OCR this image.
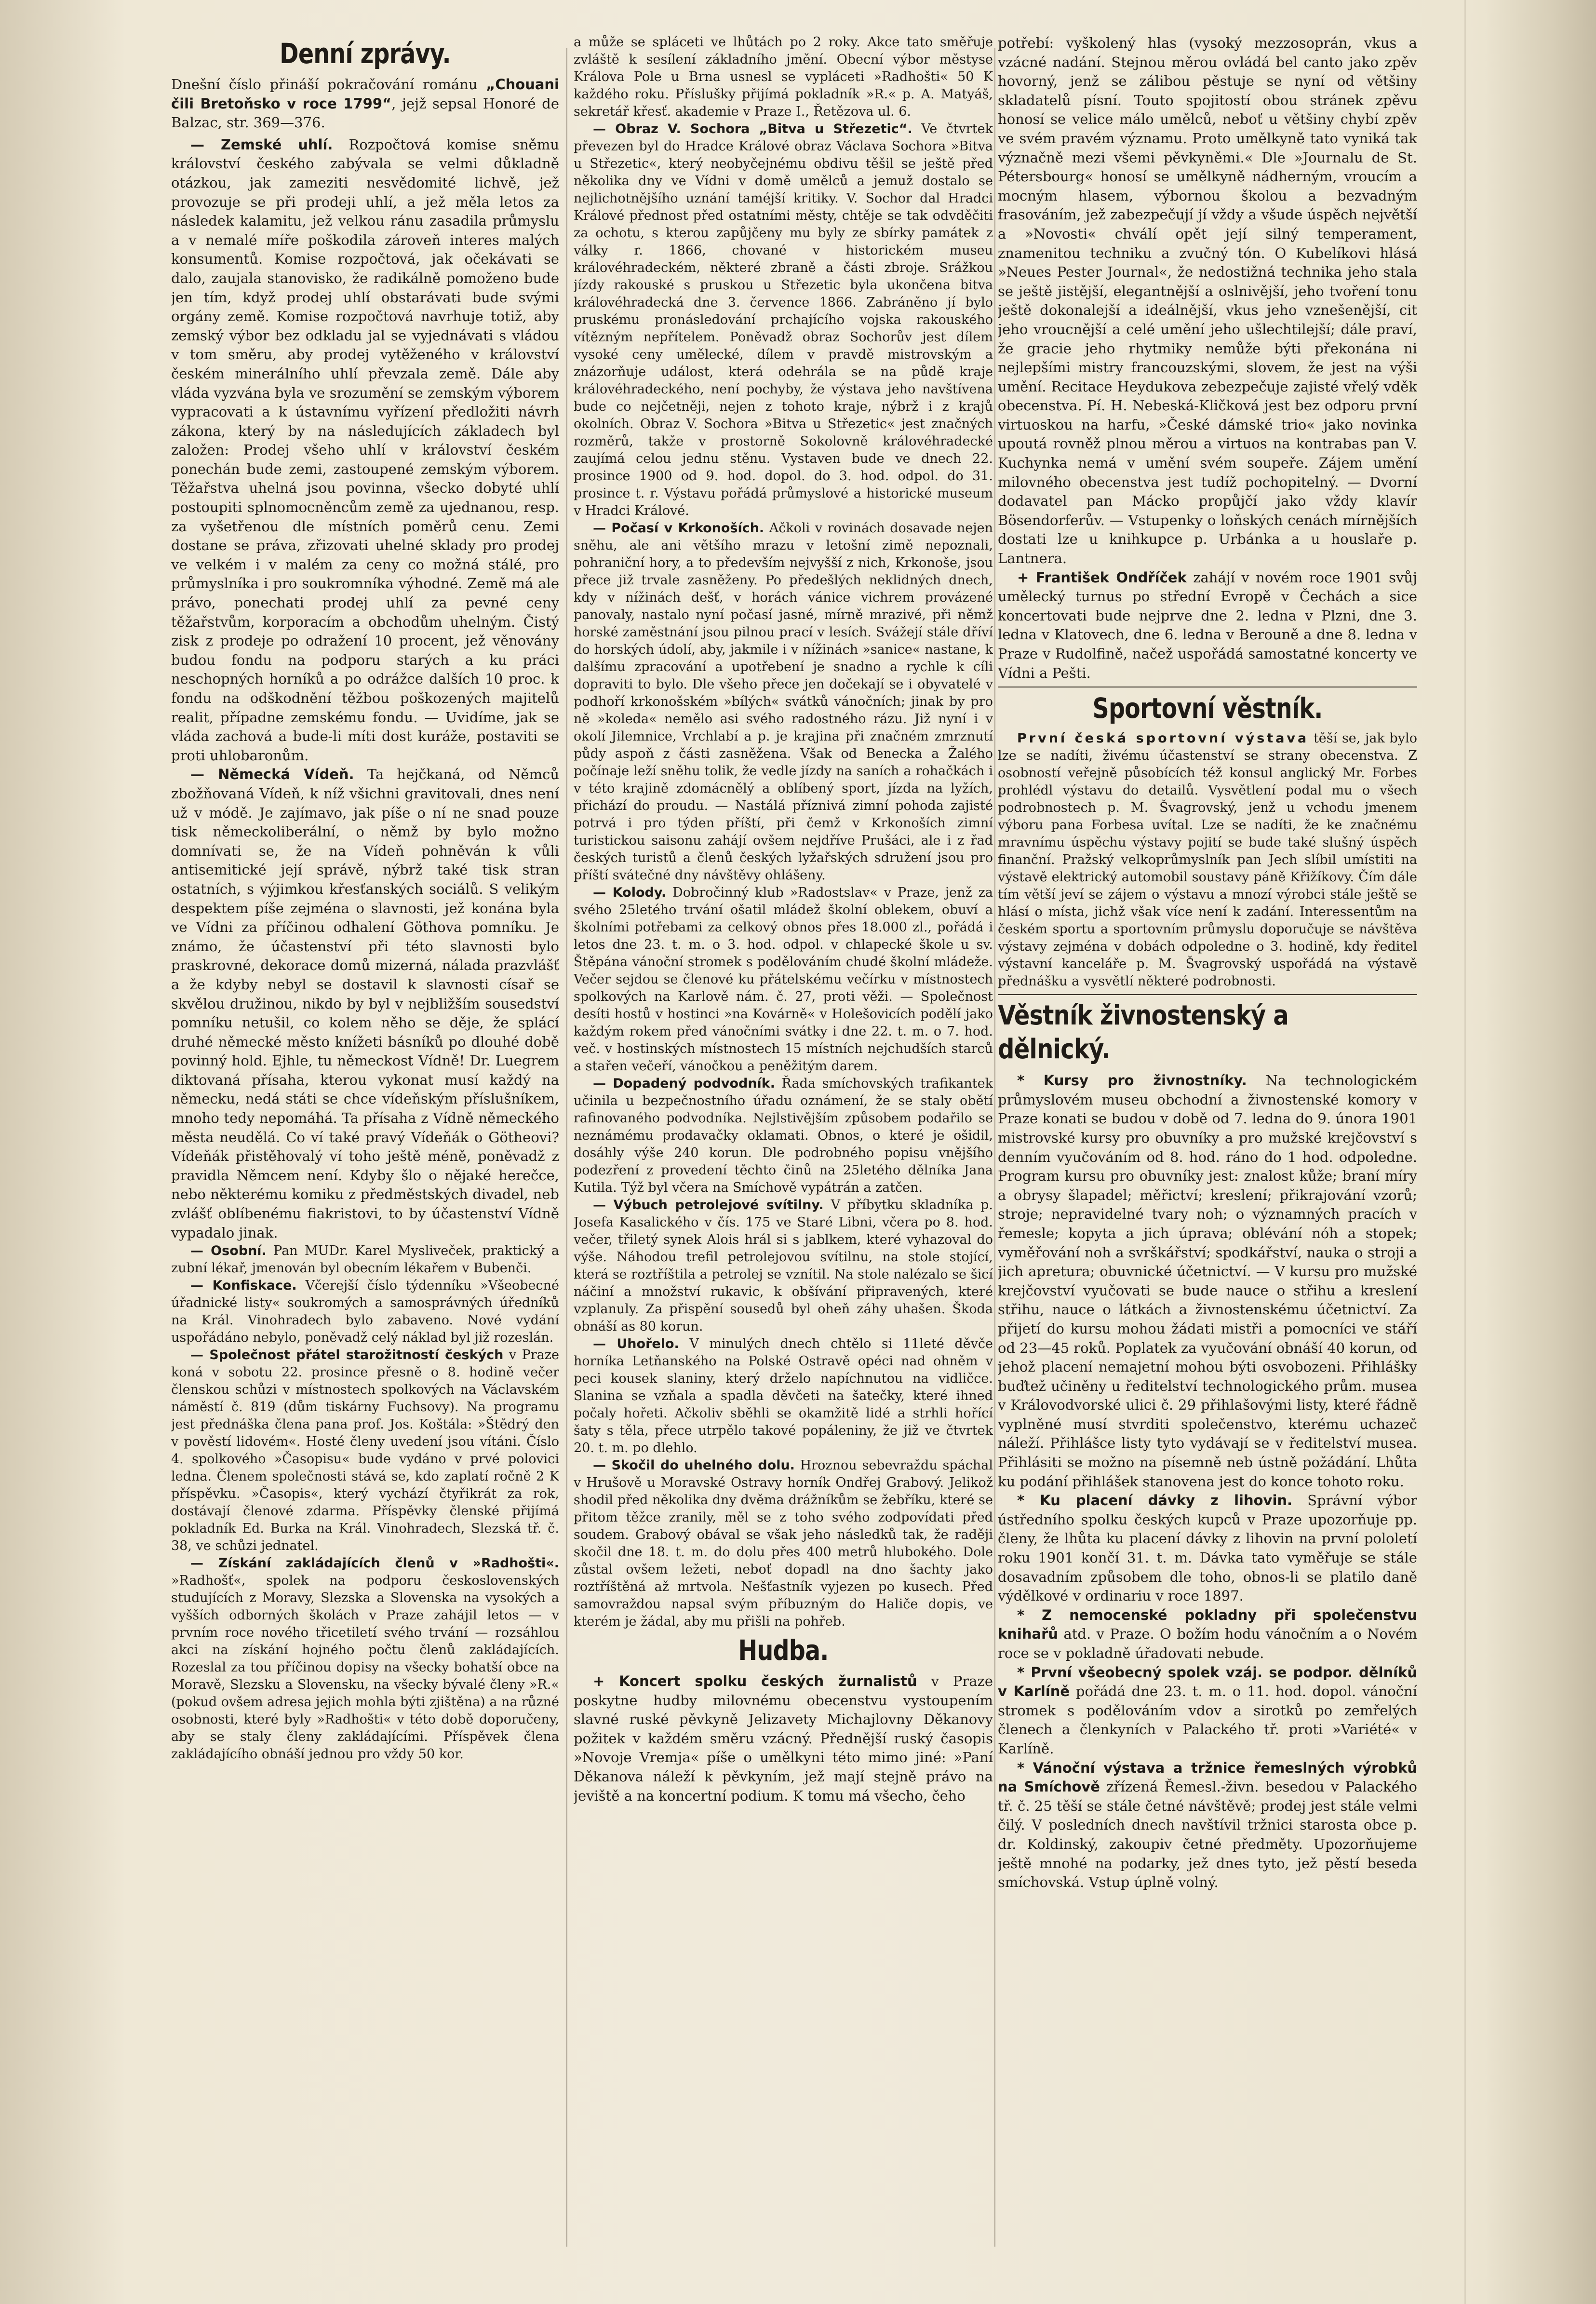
Denní zprávy.
Dnešní číslo přináší pokračování románu „Chouani čili Bretoňsko v roce 1799“, jejž sepsal Honoré de Balzac, str. 369—376.

— Zemské uhlí. Rozpočtová komise sněmu království českého zabývala se velmi důkladně otázkou, jak zameziti nesvědomité lichvě, jež provozuje se při prodeji uhlí, a jež měla letos za následek kalamitu, jež velkou ránu zasadila průmyslu a v nemalé míře poškodila zároveň interes malých konsumentů. Komise rozpočtová, jak očekávati se dalo, zaujala stanovisko, že radikálně pomoženo bude jen tím, když prodej uhlí obstarávati bude svými orgány země. Komise rozpočtová navrhuje totiž, aby zemský výbor bez odkladu jal se vyjednávati s vládou v tom směru, aby prodej vytěženého v království českém minerálního uhlí převzala země. Dále aby vláda vyzvána byla ve srozumění se zemským výborem vypracovati a k ústavnímu vyřízení předložiti návrh zákona, který by na následujících základech byl založen: Prodej všeho uhlí v království českém ponechán bude zemi, zastoupené zemským výborem. Těžařstva uhelná jsou povinna, všecko dobyté uhlí postoupiti splnomocněncům země za ujednanou, resp. za vyšetřenou dle místních poměrů cenu. Zemi dostane se práva, zřizovati uhelné sklady pro prodej ve velkém i v malém za ceny co možná stálé, pro průmyslníka i pro soukromníka výhodné. Země má ale právo, ponechati prodej uhlí za pevné ceny těžařstvům, korporacím a obchodům uhelným. Čistý zisk z prodeje po odražení 10 procent, jež věnovány budou fondu na podporu starých a ku práci neschopných horníků a po odrážce dalších 10 proc. k fondu na odškodnění těžbou poškozených majitelů realit, případne zemskému fondu. — Uvidíme, jak se vláda zachová a bude-li míti dost kuráže, postaviti se proti uhlobaronům.

— Německá Vídeň. Ta hejčkaná, od Němců zbožňovaná Vídeň, k níž všichni gravitovali, dnes není už v módě. Je zajímavo, jak píše o ní ne snad pouze tisk německoliberální, o němž by bylo možno domnívati se, že na Vídeň pohněván k vůli antisemitické její správě, nýbrž také tisk stran ostatních, s výjimkou křesťanských sociálů. S velikým despektem píše zejména o slavnosti, jež konána byla ve Vídni za příčinou odhalení Göthova pomníku. Je známo, že účastenství při této slavnosti bylo praskrovné, dekorace domů mizerná, nálada prazvlášť a že kdyby nebyl se dostavil k slavnosti císař se skvělou družinou, nikdo by byl v nejbližším sousedství pomníku netušil, co kolem něho se děje, že splácí druhé německé město knížeti básníků po dlouhé době povinný hold. Ejhle, tu německost Vídně! Dr. Luegrem diktovaná přísaha, kterou vykonat musí každý na německu, nedá státi se chce vídeňským příslušníkem, mnoho tedy nepomáhá. Ta přísaha z Vídně německého města neudělá. Co ví také pravý Vídeňák o Götheovi? Vídeňák přistěhovalý ví toho ještě méně, poněvadž z pravidla Němcem není. Kdyby šlo o nějaké herečce, nebo některému komiku z předměstských divadel, neb zvlášť oblíbenému fiakristovi, to by účastenství Vídně vypadalo jinak.

— Osobní. Pan MUDr. Karel Mysliveček, praktický a zubní lékař, jmenován byl obecním lékařem v Bubenči.

— Konfiskace. Včerejší číslo týdenníku »Všeobecné úřadnické listy« soukromých a samosprávných úředníků na Král. Vinohradech bylo zabaveno. Nové vydání uspořádáno nebylo, poněvadž celý náklad byl již rozeslán.

— Společnost přátel starožitností českých v Praze koná v sobotu 22. prosince přesně o 8. hodině večer členskou schůzi v místnostech spolkových na Václavském náměstí č. 819 (dům tiskárny Fuchsovy). Na programu jest přednáška člena pana prof. Jos. Koštála: »Štědrý den v pověstí lidovém«. Hosté členy uvedení jsou vítáni. Číslo 4. spolkového »Časopisu« bude vydáno v prvé polovici ledna. Členem společnosti stává se, kdo zaplatí ročně 2 K příspěvku. »Časopis«, který vychází čtyřikrát za rok, dostávají členové zdarma. Příspěvky členské přijímá pokladník Ed. Burka na Král. Vinohradech, Slezská tř. č. 38, ve schůzi jednatel.

— Získání zakládajících členů v »Radhošti«. »Radhošť«, spolek na podporu československých studujících z Moravy, Slezska a Slovenska na vysokých a vyšších odborných školách v Praze zahájil letos — v prvním roce nového třicetiletí svého trvání — rozsáhlou akci na získání hojného počtu členů zakládajících. Rozeslal za tou příčinou dopisy na všecky bohatší obce na Moravě, Slezsku a Slovensku, na všecky bývalé členy »R.« (pokud ovšem adresa jejich mohla býti zjištěna) a na různé osobnosti, které byly »Radhošti« v této době doporučeny, aby se staly členy zakládajícími. Příspěvek člena zakládajícího obnáší jednou pro vždy 50 kor.

a může se spláceti ve lhůtách po 2 roky. Akce tato směřuje zvláště k sesílení základního jmění. Obecní výbor městyse Králova Pole u Brna usnesl se vypláceti »Radhošti« 50 K každého roku. Příslušky přijímá pokladník »R.« p. A. Matyáš, sekretář křesť. akademie v Praze I., Řetězova ul. 6.

— Obraz V. Sochora „Bitva u Střezetic“. Ve čtvrtek převezen byl do Hradce Králové obraz Václava Sochora »Bitva u Střezetic«, který neobyčejnému obdivu těšil se ještě před několika dny ve Vídni v domě umělců a jemuž dostalo se nejlichotnějšího uznání taméjší kritiky. V. Sochor dal Hradci Králové přednost před ostatními městy, chtěje se tak odvděčiti za ochotu, s kterou zapůjčeny mu byly ze sbírky památek z války r. 1866, chované v historickém museu královéhradeckém, některé zbraně a části zbroje. Srážkou jízdy rakouské s pruskou u Střezetic byla ukončena bitva královéhradecká dne 3. července 1866. Zabráněno jí bylo pruskému pronásledování prchajícího vojska rakouského vítězným nepřítelem. Poněvadž obraz Sochorův jest dílem vysoké ceny umělecké, dílem v pravdě mistrovským a znázorňuje událost, která odehrála se na půdě kraje královéhradeckého, není pochyby, že výstava jeho navštívena bude co nejčetněji, nejen z tohoto kraje, nýbrž i z krajů okolních. Obraz V. Sochora »Bitva u Střezetic« jest značných rozměrů, takže v prostorně Sokolovně královéhradecké zaujímá celou jednu stěnu. Vystaven bude ve dnech 22. prosince 1900 od 9. hod. dopol. do 3. hod. odpol. do 31. prosince t. r. Výstavu pořádá průmyslové a historické museum v Hradci Králové.

— Počasí v Krkonoších. Ačkoli v rovinách dosavade nejen sněhu, ale ani většího mrazu v letošní zimě nepoznali, pohraniční hory, a to především nejvyšší z nich, Krkonoše, jsou přece již trvale zasněženy. Po předešlých neklidných dnech, kdy v nížinách dešť, v horách vánice vichrem provázené panovaly, nastalo nyní počasí jasné, mírně mrazivé, při němž horské zaměstnání jsou pilnou prací v lesích. Svážejí stále dříví do horských údolí, aby, jakmile i v nížinách »sanice« nastane, k dalšímu zpracování a upotřebení je snadno a rychle k cíli dopraviti to bylo. Dle všeho přece jen dočekají se i obyvatelé v podhoří krkonošském »bílých« svátků vánočních; jinak by pro ně »koleda« nemělo asi svého radostného rázu. Již nyní i v okolí Jilemnice, Vrchlabí a p. je krajina při značném zmrznutí půdy aspoň z části zasněžena. Však od Benecka a Žalého počínaje leží sněhu tolik, že vedle jízdy na saních a rohačkách i v této krajině zdomácnělý a oblíbený sport, jízda na lyžích, přichází do proudu. — Nastálá příznivá zimní pohoda zajisté potrvá i pro týden příští, při čemž v Krkonoších zimní turistickou saisonu zahájí ovšem nejdříve Prušáci, ale i z řad českých turistů a členů českých lyžařských sdružení jsou pro příští svátečné dny návštěvy ohlášeny.

— Kolody. Dobročinný klub »Radostslav« v Praze, jenž za svého 25letého trvání ošatil mládež školní oblekem, obuví a školními potřebami za celkový obnos přes 18.000 zl., pořádá i letos dne 23. t. m. o 3. hod. odpol. v chlapecké škole u sv. Štěpána vánoční stromek s podělováním chudé školní mládeže. Večer sejdou se členové ku přátelskému večírku v místnostech spolkových na Karlově nám. č. 27, proti věži. — Společnost desíti hostů v hostinci »na Kovárně« v Holešovicích podělí jako každým rokem před vánočními svátky i dne 22. t. m. o 7. hod. več. v hostinských místnostech 15 místních nejchudších starců a stařen večeří, vánočkou a peněžitým darem.

— Dopadený podvodník. Řada smíchovských trafikantek učinila u bezpečnostního úřadu oznámení, že se staly obětí rafinovaného podvodníka. Nejlstivějším způsobem podařilo se neznámému prodavačky oklamati. Obnos, o které je ošidil, dosáhly výše 240 korun. Dle podrobného popisu vnějšího podezření z provedení těchto činů na 25letého dělníka Jana Kutila. Týž byl včera na Smíchově vypátrán a zatčen.

— Výbuch petrolejové svítilny. V příbytku skladníka p. Josefa Kasalického v čís. 175 ve Staré Libni, včera po 8. hod. večer, třiletý synek Alois hrál si s jablkem, které vyhazoval do výše. Náhodou trefil petrolejovou svítilnu, na stole stojící, která se roztříštila a petrolej se vznítil. Na stole nalézalo se šicí náčiní a množství rukavic, k obšívání připravených, které vzplanuly. Za přispění sousedů byl oheň záhy uhašen. Škoda obnáší as 80 korun.

— Uhořelo. V minulých dnech chtělo si 11leté děvče horníka Letňanského na Polské Ostravě opéci nad ohněm v peci kousek slaniny, který drželo napíchnutou na vidličce. Slanina se vzňala a spadla děvčeti na šatečky, které ihned počaly hořeti. Ačkoliv sběhli se okamžitě lidé a strhli hořící šaty s těla, přece utrpělo takové popáleniny, že již ve čtvrtek 20. t. m. po dlehlo.

— Skočil do uhelného dolu. Hroznou sebevraždu spáchal v Hrušově u Moravské Ostravy horník Ondřej Grabový. Jelikož shodil před několika dny dvěma drážníkům se žebříku, které se přitom těžce zranily, měl se z toho svého zodpovídati před soudem. Grabový obával se však jeho následků tak, že raději skočil dne 18. t. m. do dolu přes 400 metrů hlubokého. Dole zůstal ovšem ležeti, neboť dopadl na dno šachty jako roztříštěná až mrtvola. Nešťastník vyjezen po kusech. Před samovraždou napsal svým příbuzným do Haliče dopis, ve kterém je žádal, aby mu přišli na pohřeb.

Hudba.

+ Koncert spolku českých žurnalistů v Praze poskytne hudby milovnému obecenstvu vystoupením slavné ruské pěvkyně Jelizavety Michajlovny Děkanovy požitek v každém směru vzácný. Přednější ruský časopis »Novoje Vremja« píše o umělkyni této mimo jiné: »Paní Děkanova náleží k pěvkyním, jež mají stejně právo na jeviště a na koncertní podium. K tomu má všecho, čeho

potřebí: vyškolený hlas (vysoký mezzosoprán, vkus a vzácné nadání. Stejnou měrou ovládá bel canto jako zpěv hovorný, jenž se zálibou pěstuje se nyní od většiny skladatelů písní. Touto spojitostí obou stránek zpěvu honosí se velice málo umělců, neboť u většiny chybí zpěv ve svém pravém významu. Proto umělkyně tato vyniká tak význačně mezi všemi pěvkyněmi.« Dle »Journalu de St. Pétersbourg« honosí se umělkyně nádherným, vroucím a mocným hlasem, výbornou školou a bezvadným frasováním, jež zabezpečují jí vždy a všude úspěch největší a »Novosti« chválí opět její silný temperament, znamenitou techniku a zvučný tón. O Kubelíkovi hlásá »Neues Pester Journal«, že nedostižná technika jeho stala se ještě jistější, elegantnější a oslnivější, jeho tvoření tonu ještě dokonalejší a ideálnější, vkus jeho vznešenější, cit jeho vroucnější a celé umění jeho ušlechtilejší; dále praví, že gracie jeho rhytmiky nemůže býti překonána ni nejlepšími mistry francouzskými, slovem, že jest na výši umění. Recitace Heydukova zebezpečuje zajisté vřelý vděk obecenstva. Pí. H. Nebeská-Kličková jest bez odporu první virtuoskou na harfu, »České dámské trio« jako novinka upoutá rovněž plnou měrou a virtuos na kontrabas pan V. Kuchynka nemá v umění svém soupeře. Zájem umění milovného obecenstva jest tudíž pochopitelný. — Dvorní dodavatel pan Mácko propůjčí jako vždy klavír Bösendorferův. — Vstupenky o loňských cenách mírnějších dostati lze u knihkupce p. Urbánka a u houslaře p. Lantnera.

+ František Ondříček zahájí v novém roce 1901 svůj umělecký turnus po střední Evropě v Čechách a sice koncertovati bude nejprve dne 2. ledna v Plzni, dne 3. ledna v Klatovech, dne 6. ledna v Berouně a dne 8. ledna v Praze v Rudolfině, načež uspořádá samostatné koncerty ve Vídni a Pešti.

Sportovní věstník.

První česká sportovní výstava těší se, jak bylo lze se nadíti, živému účastenství se strany obecenstva. Z osobností veřejně působících též konsul anglický Mr. Forbes prohlédl výstavu do detailů. Vysvětlení podal mu o všech podrobnostech p. M. Švagrovský, jenž u vchodu jmenem výboru pana Forbesa uvítal. Lze se nadíti, že ke značnému mravnímu úspěchu výstavy pojití se bude také slušný úspěch finanční. Pražský velkoprůmyslník pan Jech slíbil umístiti na výstavě elektrický automobil soustavy páně Křižíkovy. Čím dále tím větší jeví se zájem o výstavu a mnozí výrobci stále ještě se hlásí o místa, jichž však více není k zadání. Interessentům na českém sportu a sportovním průmyslu doporučuje se návštěva výstavy zejména v dobách odpoledne o 3. hodině, kdy ředitel výstavní kanceláře p. M. Švagrovský uspořádá na výstavě přednášku a vysvětlí některé podrobnosti.

Věstník živnostenský a dělnický.

* Kursy pro živnostníky. Na technologickém průmyslovém museu obchodní a živnostenské komory v Praze konati se budou v době od 7. ledna do 9. února 1901 mistrovské kursy pro obuvníky a pro mužské krejčovství s denním vyučováním od 8. hod. ráno do 1 hod. odpoledne. Program kursu pro obuvníky jest: znalost kůže; braní míry a obrysy šlapadel; měřictví; kreslení; přikrajování vzorů; stroje; nepravidelné tvary noh; o významných pracích v řemesle; kopyta a jich úprava; oblévání nóh a stopek; vyměřování noh a svrškářství; spodkářství, nauka o stroji a jich apretura; obuvnické účetnictví. — V kursu pro mužské krejčovství vyučovati se bude nauce o střihu a kreslení střihu, nauce o látkách a živnostenskému účetnictví. Za přijetí do kursu mohou žádati mistři a pomocníci ve stáří od 23—45 roků. Poplatek za vyučování obnáší 40 korun, od jehož placení nemajetní mohou býti osvobozeni. Přihlášky buďtež učiněny u ředitelství technologického prům. musea v Královodvorské ulici č. 29 přihlašovými listy, které řádně vyplněné musí stvrditi společenstvo, kterému uchazeč náleží. Přihlášce listy tyto vydávají se v ředitelství musea. Přihlásiti se možno na písemně neb ústně požádání. Lhůta ku podání přihlášek stanovena jest do konce tohoto roku.

* Ku placení dávky z lihovin. Správní výbor ústředního spolku českých kupců v Praze upozorňuje pp. členy, že lhůta ku placení dávky z lihovin na první pololetí roku 1901 končí 31. t. m. Dávka tato vyměřuje se stále dosavadním způsobem dle toho, obnos-li se platilo daně výdělkové v ordinariu v roce 1897.

* Z nemocenské pokladny při společenstvu knihařů atd. v Praze. O božím hodu vánočním a o Novém roce se v pokladně úřadovati nebude.

* První všeobecný spolek vzáj. se podpor. dělníků v Karlíně pořádá dne 23. t. m. o 11. hod. dopol. vánoční stromek s podělováním vdov a sirotků po zemřelých členech a členkyních v Palackého tř. proti »Variété« v Karlíně.

* Vánoční výstava a tržnice řemeslných výrobků na Smíchově zřízená Řemesl.-živn. besedou v Palackého tř. č. 25 těší se stále četné návštěvě; prodej jest stále velmi čilý. V posledních dnech navštívil tržnici starosta obce p. dr. Koldinský, zakoupiv četné předměty. Upozorňujeme ještě mnohé na podarky, jež dnes tyto, jež pěstí beseda smíchovská. Vstup úplně volný.
